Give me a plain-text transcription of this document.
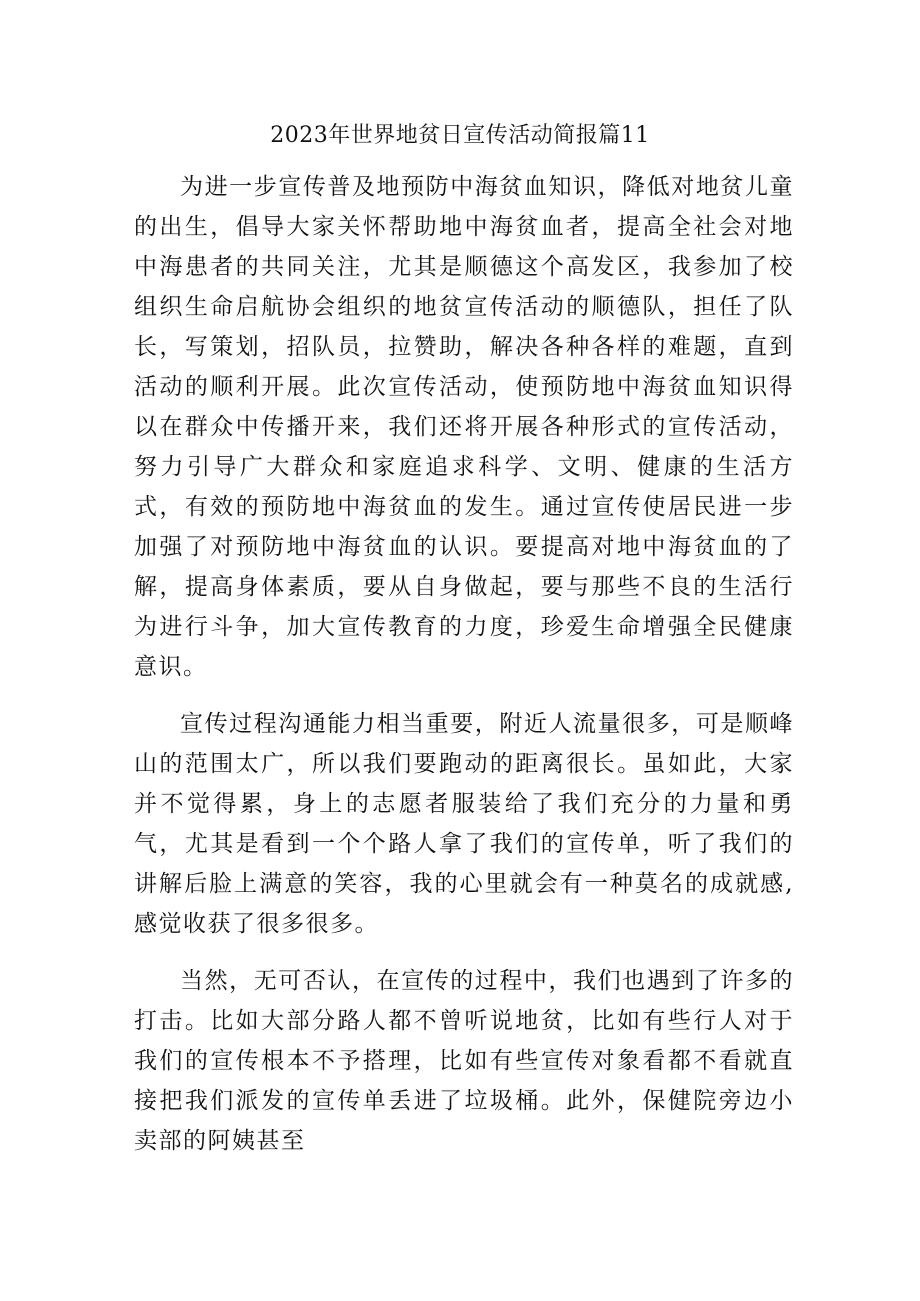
2023年世界地贫日宣传活动简报篇11

为进一步宣传普及地预防中海贫血知识，降低对地贫儿童的出生，倡导大家关怀帮助地中海贫血者，提高全社会对地中海患者的共同关注，尤其是顺德这个高发区，我参加了校组织生命启航协会组织的地贫宣传活动的顺德队，担任了队长，写策划，招队员，拉赞助，解决各种各样的难题，直到活动的顺利开展。此次宣传活动，使预防地中海贫血知识得以在群众中传播开来，我们还将开展各种形式的宣传活动，努力引导广大群众和家庭追求科学、文明、健康的生活方式，有效的预防地中海贫血的发生。通过宣传使居民进一步加强了对预防地中海贫血的认识。要提高对地中海贫血的了解，提高身体素质，要从自身做起，要与那些不良的生活行为进行斗争，加大宣传教育的力度，珍爱生命增强全民健康意识。

宣传过程沟通能力相当重要，附近人流量很多，可是顺峰山的范围太广，所以我们要跑动的距离很长。虽如此，大家并不觉得累，身上的志愿者服装给了我们充分的力量和勇气，尤其是看到一个个路人拿了我们的宣传单，听了我们的讲解后脸上满意的笑容，我的心里就会有一种莫名的成就感,感觉收获了很多很多。

当然，无可否认，在宣传的过程中，我们也遇到了许多的打击。比如大部分路人都不曾听说地贫，比如有些行人对于我们的宣传根本不予搭理，比如有些宣传对象看都不看就直接把我们派发的宣传单丢进了垃圾桶。此外，保健院旁边小卖部的阿姨甚至
